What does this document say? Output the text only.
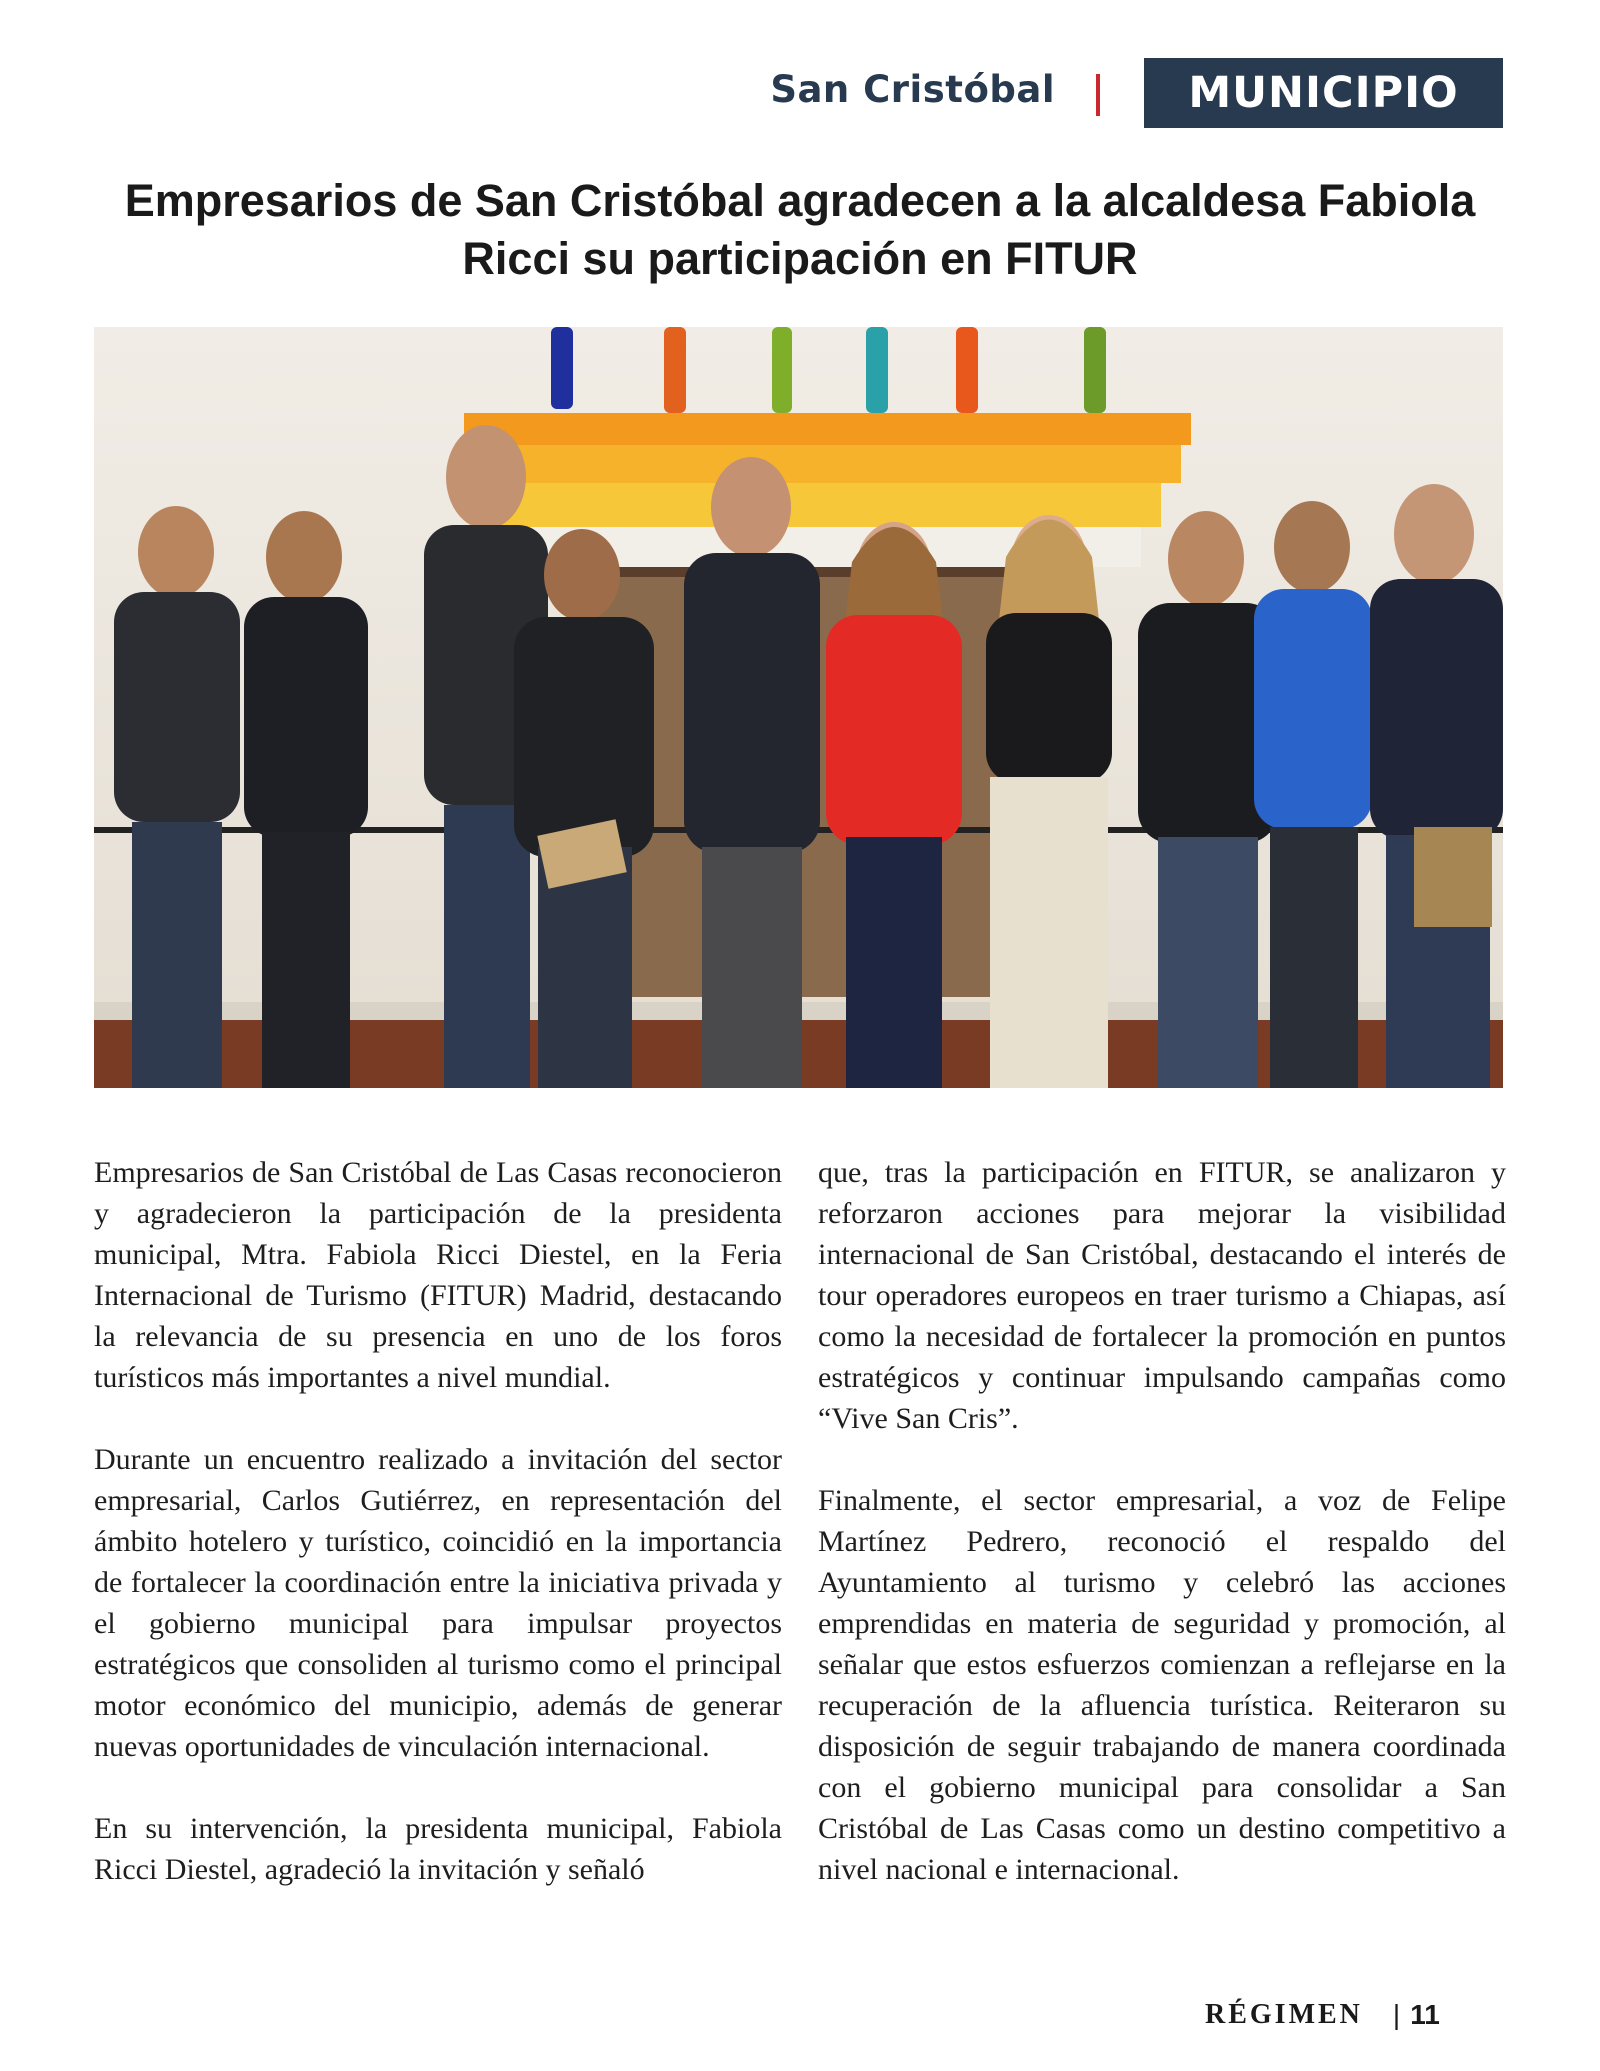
San Cristóbal	MUNICIPIO
Empresarios de San Cristóbal agradecen a la alcaldesa Fabiola Ricci su participación en FITUR

Empresarios de San Cristóbal de Las Casas reconocieron y agradecieron la participación de la presidenta municipal, Mtra. Fabiola Ricci Diestel, en la Feria Internacional de Turismo (FITUR) Madrid, destacando la relevancia de su presencia en uno de los foros turísticos más importantes a nivel mundial.

Durante un encuentro realizado a invitación del sector empresarial, Carlos Gutiérrez, en representación del ámbito hotelero y turístico, coincidió en la importancia de fortalecer la coordinación entre la iniciativa privada y el gobierno municipal para impulsar proyectos estratégicos que consoliden al turismo como el principal motor económico del municipio, además de generar nuevas oportunidades de vinculación internacional.

En su intervención, la presidenta municipal, Fabiola Ricci Diestel, agradeció la invitación y señaló

que, tras la participación en FITUR, se analizaron y reforzaron acciones para mejorar la visibilidad internacional de San Cristóbal, destacando el interés de tour operadores europeos en traer turismo a Chiapas, así como la necesidad de fortalecer la promoción en puntos estratégicos y continuar impulsando campañas como “Vive San Cris”.

Finalmente, el sector empresarial, a voz de Felipe Martínez Pedrero, reconoció el respaldo del Ayuntamiento al turismo y celebró las acciones emprendidas en materia de seguridad y promoción, al señalar que estos esfuerzos comienzan a reflejarse en la recuperación de la afluencia turística. Reiteraron su disposición de seguir trabajando de manera coordinada con el gobierno municipal para consolidar a San Cristóbal de Las Casas como un destino competitivo a nivel nacional e internacional.

RÉGIMEN | 11
